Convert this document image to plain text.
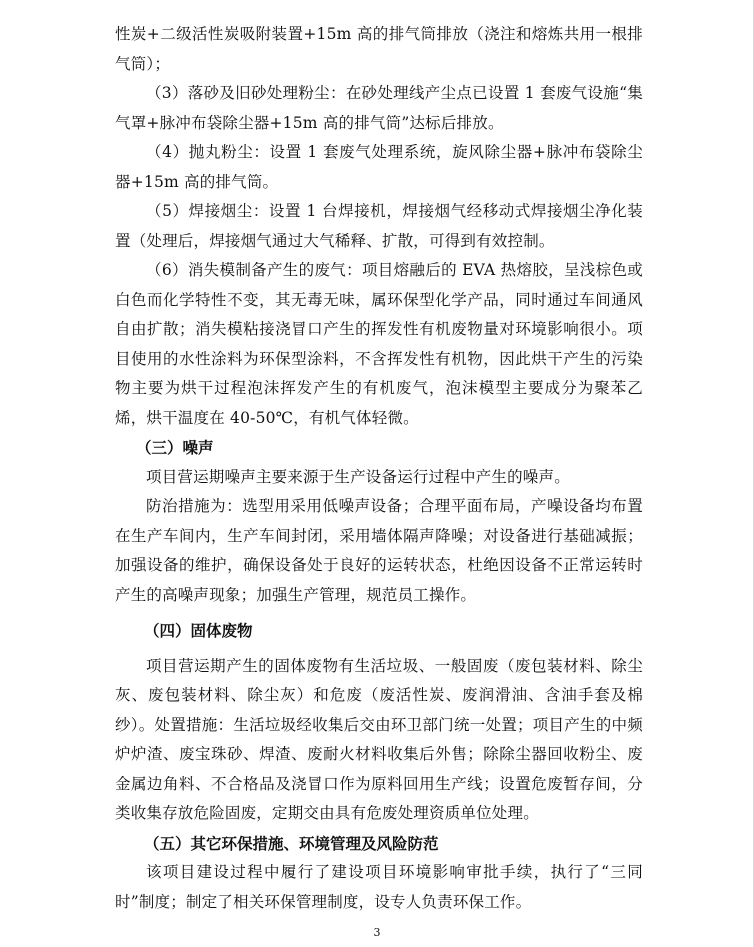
性炭+二级活性炭吸附装置+15m 高的排气筒排放（浇注和熔炼共用一根排气筒）；

（3）落砂及旧砂处理粉尘：在砂处理线产尘点已设置 1 套废气设施“集气罩+脉冲布袋除尘器+15m 高的排气筒”达标后排放。

（4）抛丸粉尘：设置 1 套废气处理系统，旋风除尘器+脉冲布袋除尘器+15m 高的排气筒。

（5）焊接烟尘：设置 1 台焊接机，焊接烟气经移动式焊接烟尘净化装置（处理后，焊接烟气通过大气稀释、扩散，可得到有效控制。

（6）消失模制备产生的废气：项目熔融后的 EVA 热熔胶，呈浅棕色或白色而化学特性不变，其无毒无味，属环保型化学产品，同时通过车间通风自由扩散；消失模粘接浇冒口产生的挥发性有机废物量对环境影响很小。项目使用的水性涂料为环保型涂料，不含挥发性有机物，因此烘干产生的污染物主要为烘干过程泡沫挥发产生的有机废气，泡沫模型主要成分为聚苯乙烯，烘干温度在 40-50℃，有机气体轻微。

（三）噪声

项目营运期噪声主要来源于生产设备运行过程中产生的噪声。

防治措施为：选型用采用低噪声设备；合理平面布局，产噪设备均布置在生产车间内，生产车间封闭，采用墙体隔声降噪；对设备进行基础减振；加强设备的维护，确保设备处于良好的运转状态，杜绝因设备不正常运转时产生的高噪声现象；加强生产管理，规范员工操作。

（四）固体废物

项目营运期产生的固体废物有生活垃圾、一般固废（废包装材料、除尘灰、废包装材料、除尘灰）和危废（废活性炭、废润滑油、含油手套及棉纱）。处置措施：生活垃圾经收集后交由环卫部门统一处置；项目产生的中频炉炉渣、废宝珠砂、焊渣、废耐火材料收集后外售；除除尘器回收粉尘、废金属边角料、不合格品及浇冒口作为原料回用生产线；设置危废暂存间，分类收集存放危险固废，定期交由具有危废处理资质单位处理。

（五）其它环保措施、环境管理及风险防范

该项目建设过程中履行了建设项目环境影响审批手续，执行了“三同时”制度；制定了相关环保管理制度，设专人负责环保工作。

3
